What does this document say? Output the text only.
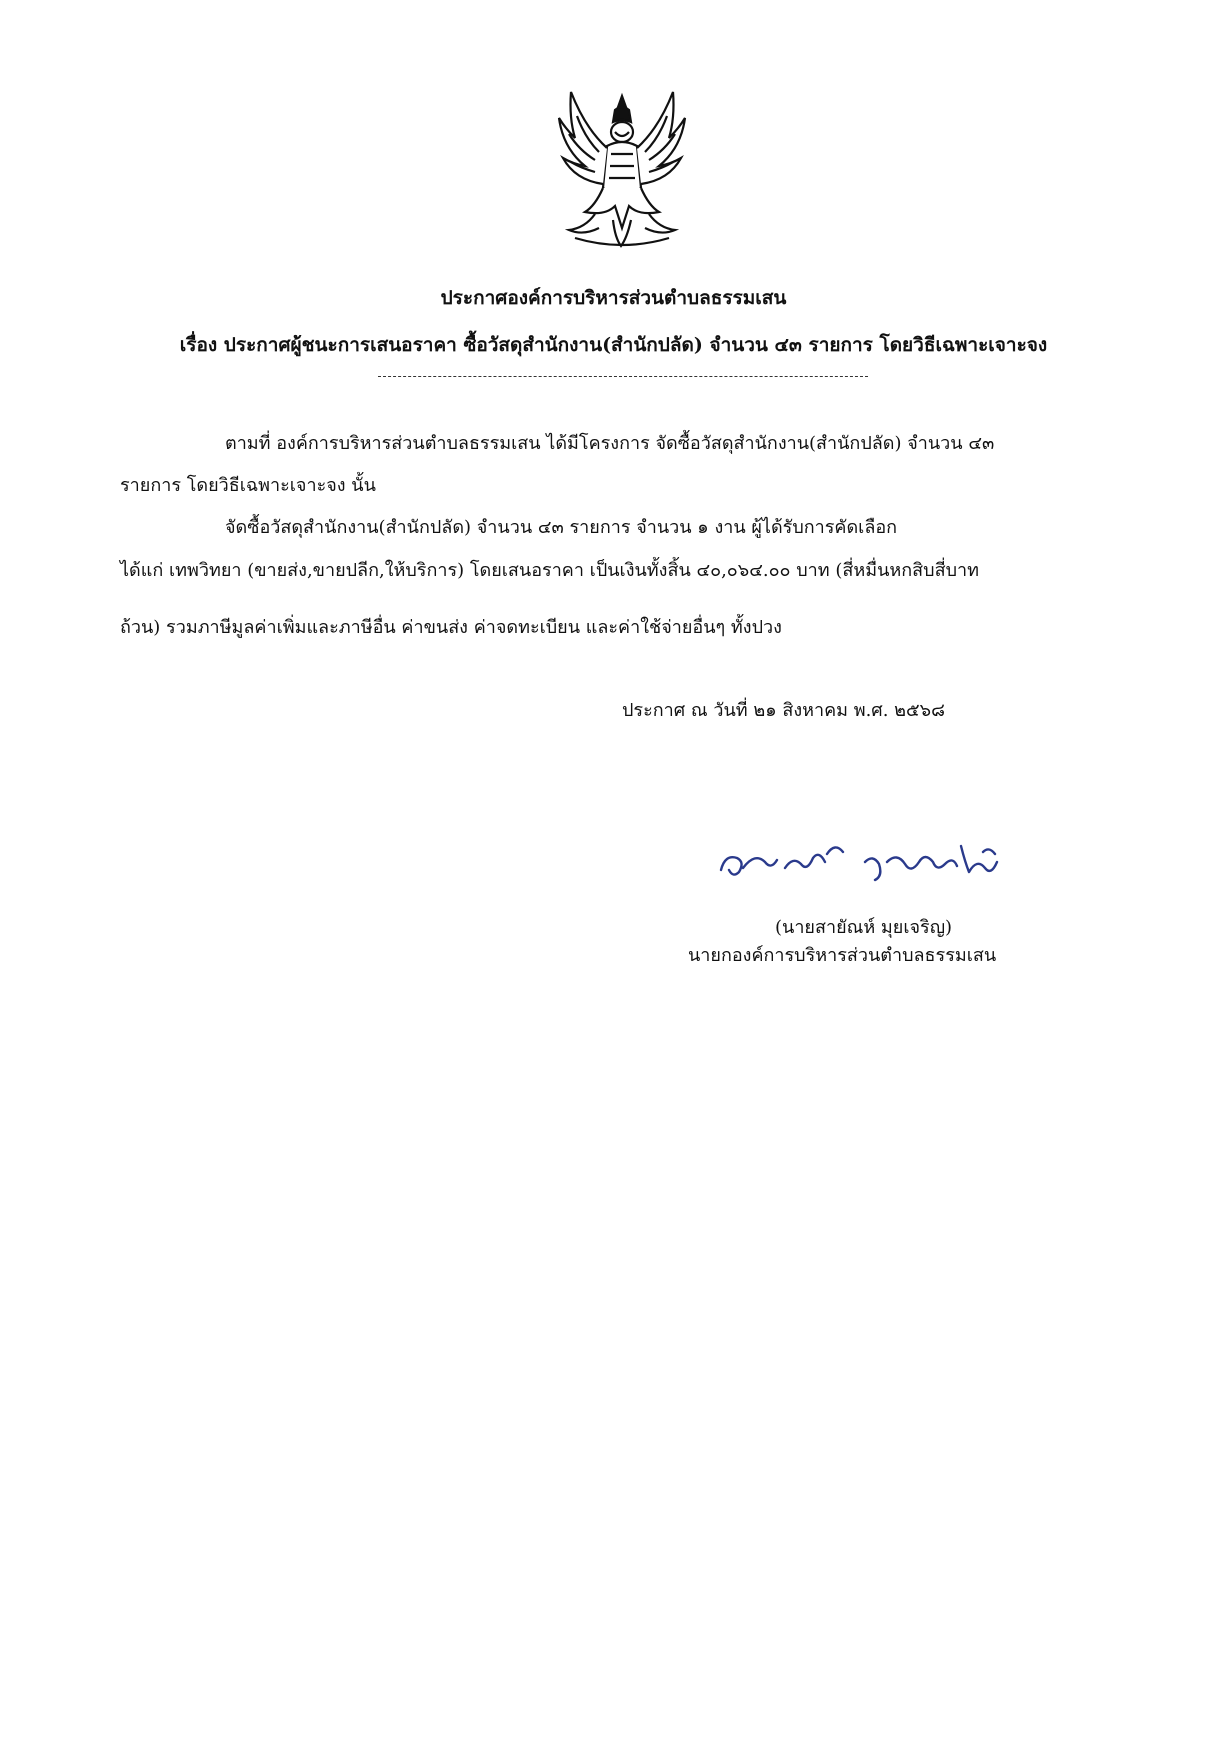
ประกาศองค์การบริหารส่วนตำบลธรรมเสน
เรื่อง ประกาศผู้ชนะการเสนอราคา ซื้อวัสดุสำนักงาน(สำนักปลัด) จำนวน ๔๓ รายการ โดยวิธีเฉพาะเจาะจง
ตามที่ องค์การบริหารส่วนตำบลธรรมเสน ได้มีโครงการ จัดซื้อวัสดุสำนักงาน(สำนักปลัด) จำนวน ๔๓
รายการ โดยวิธีเฉพาะเจาะจง นั้น
จัดซื้อวัสดุสำนักงาน(สำนักปลัด) จำนวน ๔๓ รายการ จำนวน ๑ งาน ผู้ได้รับการคัดเลือก
ได้แก่ เทพวิทยา (ขายส่ง,ขายปลีก,ให้บริการ) โดยเสนอราคา เป็นเงินทั้งสิ้น ๔๐,๐๖๔.๐๐ บาท (สี่หมื่นหกสิบสี่บาท
ถ้วน) รวมภาษีมูลค่าเพิ่มและภาษีอื่น ค่าขนส่ง ค่าจดทะเบียน และค่าใช้จ่ายอื่นๆ ทั้งปวง
ประกาศ ณ วันที่ ๒๑ สิงหาคม พ.ศ. ๒๕๖๘
(นายสายัณห์ มุยเจริญ)
นายกองค์การบริหารส่วนตำบลธรรมเสน
